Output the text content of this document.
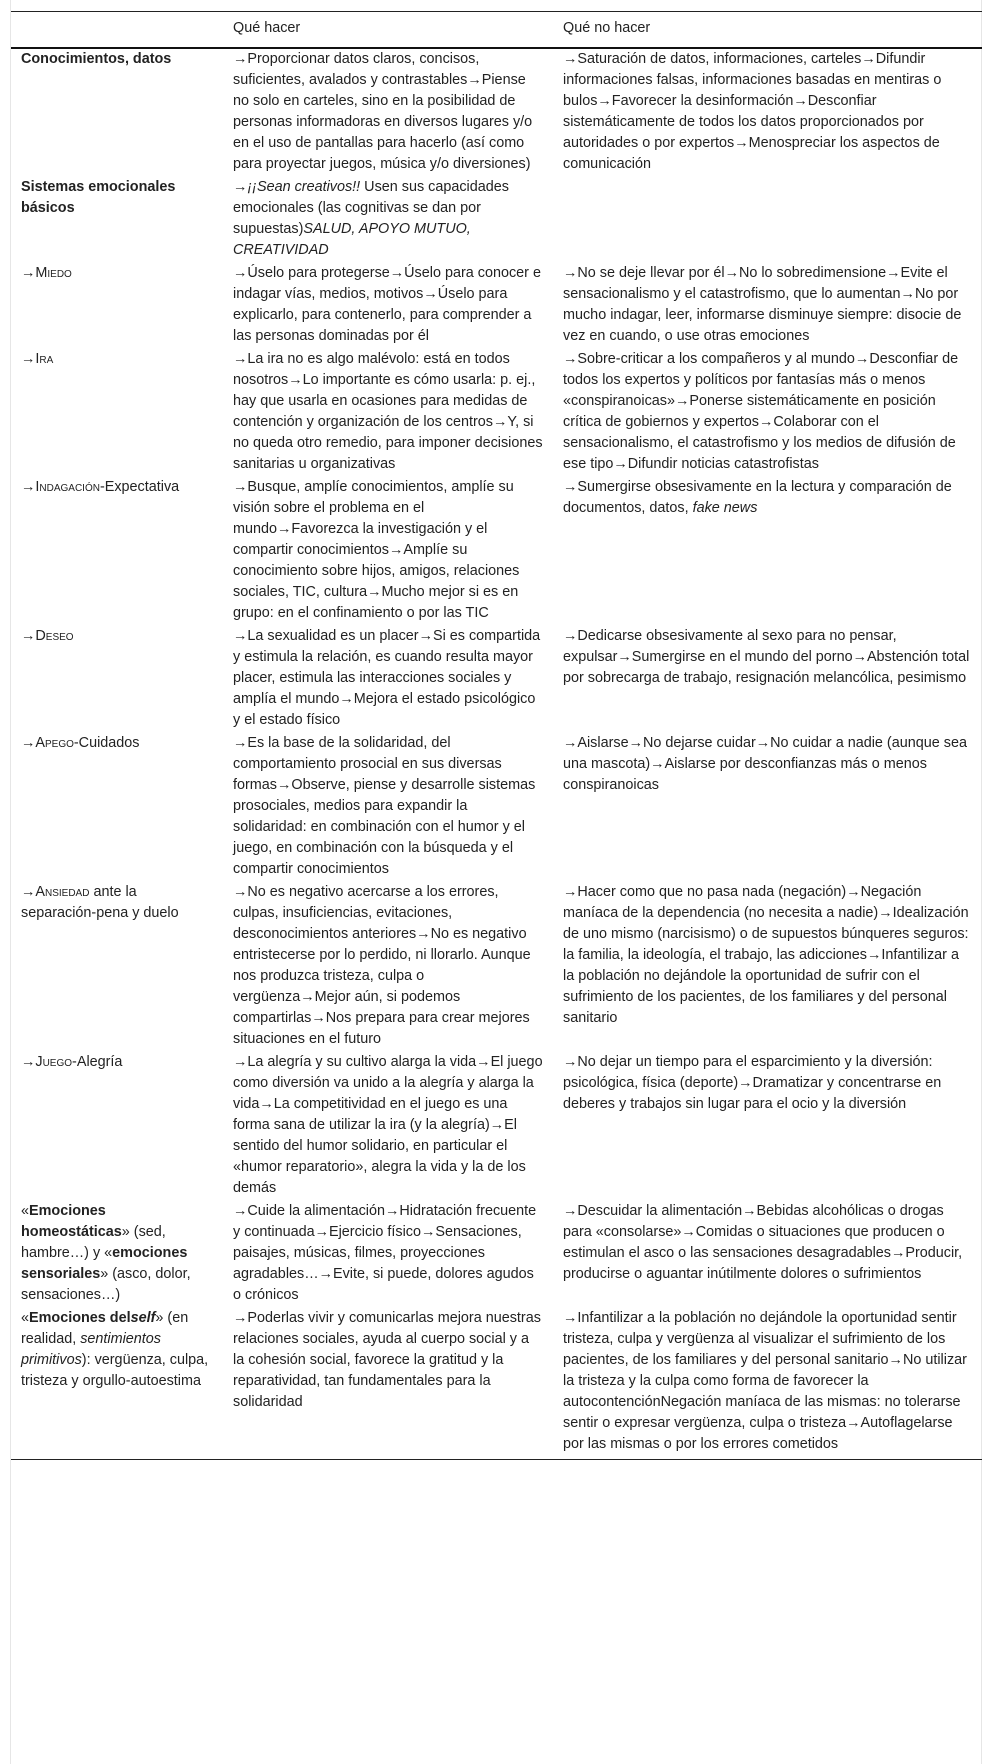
	Qué hacer	Qué no hacer
Conocimientos, datos	→Proporcionar datos claros, concisos, suficientes, avalados y contrastables→Piense no solo en carteles, sino en la posibilidad de personas informadoras en diversos lugares y/o en el uso de pantallas para hacerlo (así como para proyectar juegos, música y/o diversiones)	→Saturación de datos, informaciones, carteles→Difundir informaciones falsas, informaciones basadas en mentiras o bulos→Favorecer la desinformación→Desconfiar sistemáticamente de todos los datos proporcionados por autoridades o por expertos→Menospreciar los aspectos de comunicación
Sistemas emocionales básicos	→¡¡Sean creativos!! Usen sus capacidades emocionales (las cognitivas se dan por supuestas)SALUD, APOYO MUTUO, CREATIVIDAD	
→Miedo	→Úselo para protegerse→Úselo para conocer e indagar vías, medios, motivos→Úselo para explicarlo, para contenerlo, para comprender a las personas dominadas por él	→No se deje llevar por él→No lo sobredimensione→Evite el sensacionalismo y el catastrofismo, que lo aumentan→No por mucho indagar, leer, informarse disminuye siempre: disocie de vez en cuando, o use otras emociones
→Ira	→La ira no es algo malévolo: está en todos nosotros→Lo importante es cómo usarla: p. ej., hay que usarla en ocasiones para medidas de contención y organización de los centros→Y, si no queda otro remedio, para imponer decisiones sanitarias u organizativas	→Sobre-criticar a los compañeros y al mundo→Desconfiar de todos los expertos y políticos por fantasías más o menos «conspiranoicas»→Ponerse sistemáticamente en posición crítica de gobiernos y expertos→Colaborar con el sensacionalismo, el catastrofismo y los medios de difusión de ese tipo→Difundir noticias catastrofistas
→Indagación-Expectativa	→Busque, amplíe conocimientos, amplíe su visión sobre el problema en el mundo→Favorezca la investigación y el compartir conocimientos→Amplíe su conocimiento sobre hijos, amigos, relaciones sociales, TIC, cultura→Mucho mejor si es en grupo: en el confinamiento o por las TIC	→Sumergirse obsesivamente en la lectura y comparación de documentos, datos, fake news
→Deseo	→La sexualidad es un placer→Si es compartida y estimula la relación, es cuando resulta mayor placer, estimula las interacciones sociales y amplía el mundo→Mejora el estado psicológico y el estado físico	→Dedicarse obsesivamente al sexo para no pensar, expulsar→Sumergirse en el mundo del porno→Abstención total por sobrecarga de trabajo, resignación melancólica, pesimismo
→Apego-Cuidados	→Es la base de la solidaridad, del comportamiento prosocial en sus diversas formas→Observe, piense y desarrolle sistemas prosociales, medios para expandir la solidaridad: en combinación con el humor y el juego, en combinación con la búsqueda y el compartir conocimientos	→Aislarse→No dejarse cuidar→No cuidar a nadie (aunque sea una mascota)→Aislarse por desconfianzas más o menos conspiranoicas
→Ansiedad ante la separación-pena y duelo	→No es negativo acercarse a los errores, culpas, insuficiencias, evitaciones, desconocimientos anteriores→No es negativo entristecerse por lo perdido, ni llorarlo. Aunque nos produzca tristeza, culpa o vergüenza→Mejor aún, si podemos compartirlas→Nos prepara para crear mejores situaciones en el futuro	→Hacer como que no pasa nada (negación)→Negación maníaca de la dependencia (no necesita a nadie)→Idealización de uno mismo (narcisismo) o de supuestos búnqueres seguros: la familia, la ideología, el trabajo, las adicciones→Infantilizar a la población no dejándole la oportunidad de sufrir con el sufrimiento de los pacientes, de los familiares y del personal sanitario
→Juego-Alegría	→La alegría y su cultivo alarga la vida→El juego como diversión va unido a la alegría y alarga la vida→La competitividad en el juego es una forma sana de utilizar la ira (y la alegría)→El sentido del humor solidario, en particular el «humor reparatorio», alegra la vida y la de los demás	→No dejar un tiempo para el esparcimiento y la diversión: psicológica, física (deporte)→Dramatizar y concentrarse en deberes y trabajos sin lugar para el ocio y la diversión
«Emociones homeostáticas» (sed, hambre…) y «emociones sensoriales» (asco, dolor, sensaciones…)	→Cuide la alimentación→Hidratación frecuente y continuada→Ejercicio físico→Sensaciones, paisajes, músicas, filmes, proyecciones agradables…→Evite, si puede, dolores agudos o crónicos	→Descuidar la alimentación→Bebidas alcohólicas o drogas para «consolarse»→Comidas o situaciones que producen o estimulan el asco o las sensaciones desagradables→Producir, producirse o aguantar inútilmente dolores o sufrimientos
«Emociones delself» (en realidad, sentimientos primitivos): vergüenza, culpa, tristeza y orgullo-autoestima	→Poderlas vivir y comunicarlas mejora nuestras relaciones sociales, ayuda al cuerpo social y a la cohesión social, favorece la gratitud y la reparatividad, tan fundamentales para la solidaridad	→Infantilizar a la población no dejándole la oportunidad sentir tristeza, culpa y vergüenza al visualizar el sufrimiento de los pacientes, de los familiares y del personal sanitario→No utilizar la tristeza y la culpa como forma de favorecer la autocontenciónNegación maníaca de las mismas: no tolerarse sentir o expresar vergüenza, culpa o tristeza→Autoflagelarse por las mismas o por los errores cometidos
